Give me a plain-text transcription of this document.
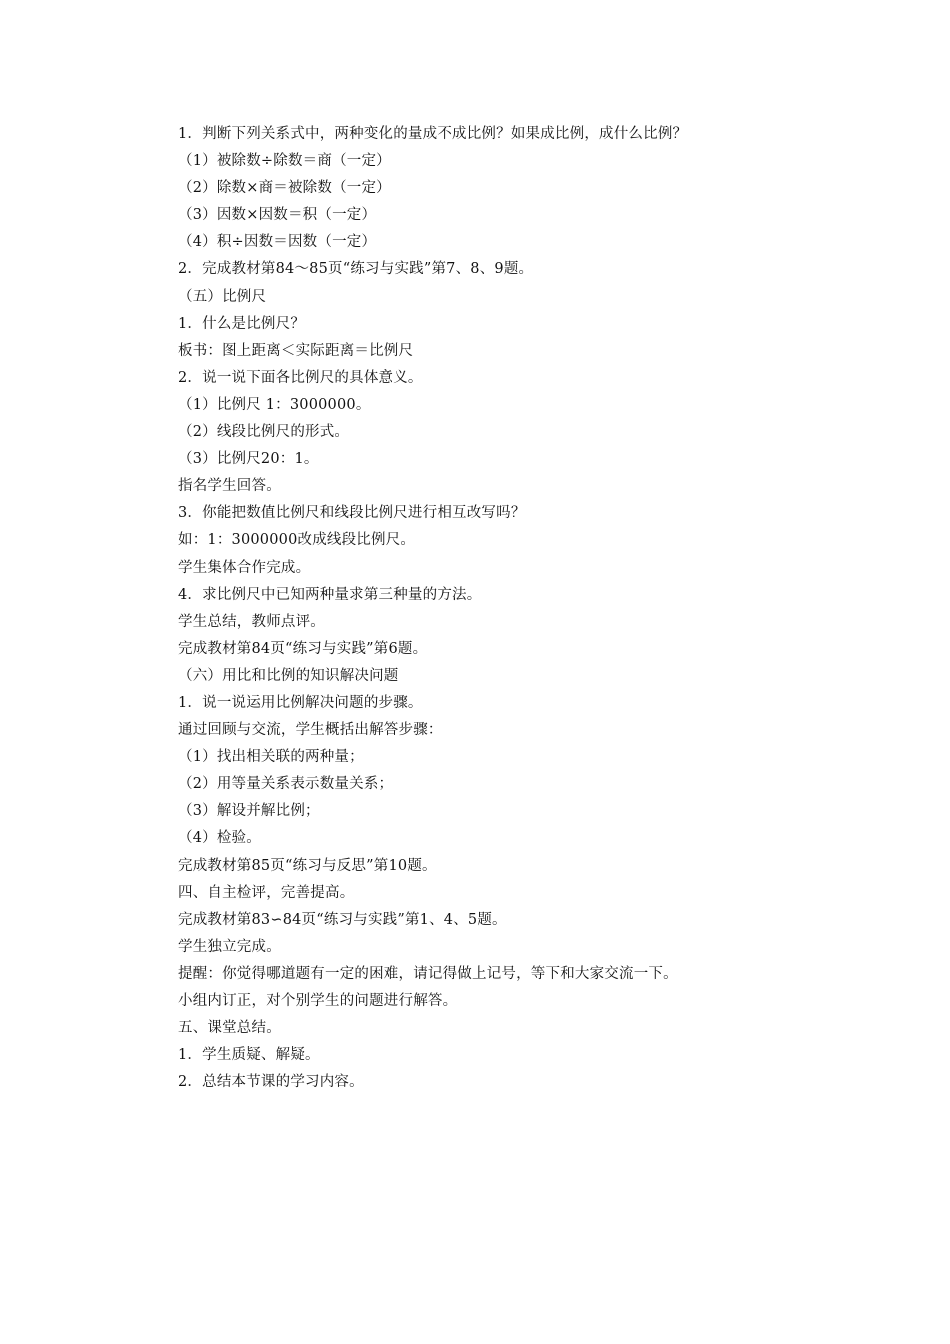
1．判断下列关系式中，两种变化的量成不成比例？如果成比例，成什么比例？
（1）被除数÷除数＝商（一定）
（2）除数×商＝被除数（一定）
（3）因数×因数＝积（一定）
（4）积÷因数＝因数（一定）
2．完成教材第84～85页“练习与实践”第7、8、9题。
（五）比例尺
1．什么是比例尺？
板书：图上距离＜实际距离＝比例尺
2．说一说下面各比例尺的具体意义。
（1）比例尺 1：3000000。
（2）线段比例尺的形式。
（3）比例尺20：1。
指名学生回答。
3．你能把数值比例尺和线段比例尺进行相互改写吗？
如：1：3000000改成线段比例尺。
学生集体合作完成。
4．求比例尺中已知两种量求第三种量的方法。
学生总结，教师点评。
完成教材第84页“练习与实践”第6题。
（六）用比和比例的知识解决问题
1．说一说运用比例解决问题的步骤。
通过回顾与交流，学生概括出解答步骤：
（1）找出相关联的两种量；
（2）用等量关系表示数量关系；
（3）解设并解比例；
（4）检验。
完成教材第85页“练习与反思”第10题。
四、自主检评，完善提高。
完成教材第83∽84页“练习与实践”第1、4、5题。
学生独立完成。
提醒：你觉得哪道题有一定的困难，请记得做上记号，等下和大家交流一下。
小组内订正，对个别学生的问题进行解答。
五、课堂总结。
1．学生质疑、解疑。
2．总结本节课的学习内容。
